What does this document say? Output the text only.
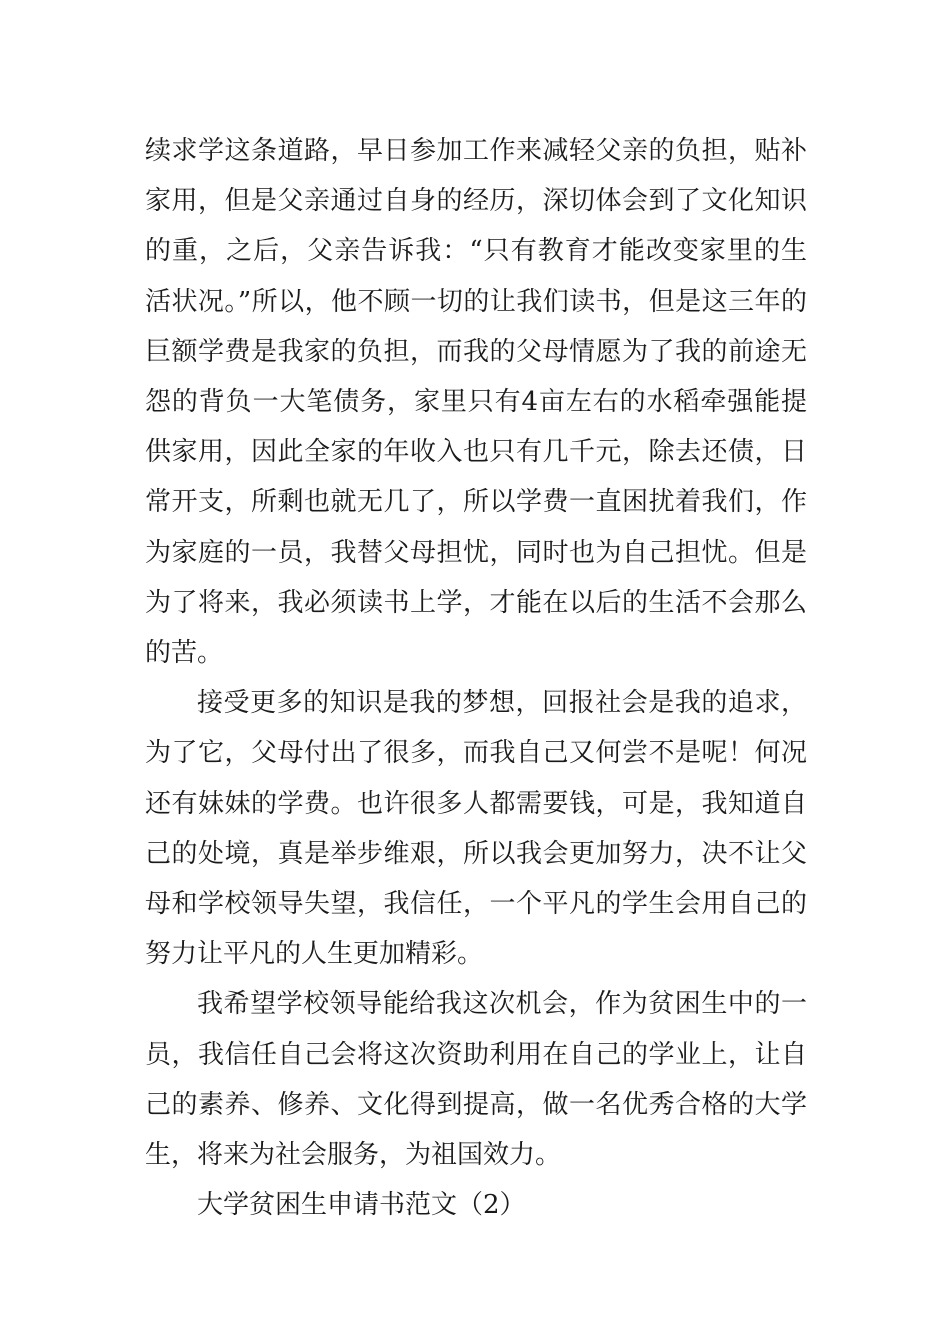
续求学这条道路，早日参加工作来减轻父亲的负担，贴补家用，但是父亲通过自身的经历，深切体会到了文化知识的重，之后，父亲告诉我：“只有教育才能改变家里的生活状况。”所以，他不顾一切的让我们读书，但是这三年的巨额学费是我家的负担，而我的父母情愿为了我的前途无怨的背负一大笔债务，家里只有4亩左右的水稻牵强能提供家用，因此全家的年收入也只有几千元，除去还债，日常开支，所剩也就无几了，所以学费一直困扰着我们，作为家庭的一员，我替父母担忧，同时也为自己担忧。但是为了将来，我必须读书上学，才能在以后的生活不会那么的苦。

接受更多的知识是我的梦想，回报社会是我的追求，为了它，父母付出了很多，而我自己又何尝不是呢！何况还有妹妹的学费。也许很多人都需要钱，可是，我知道自己的处境，真是举步维艰，所以我会更加努力，决不让父母和学校领导失望，我信任，一个平凡的学生会用自己的努力让平凡的人生更加精彩。

我希望学校领导能给我这次机会，作为贫困生中的一员，我信任自己会将这次资助利用在自己的学业上，让自己的素养、修养、文化得到提高，做一名优秀合格的大学生，将来为社会服务，为祖国效力。

大学贫困生申请书范文（2）
